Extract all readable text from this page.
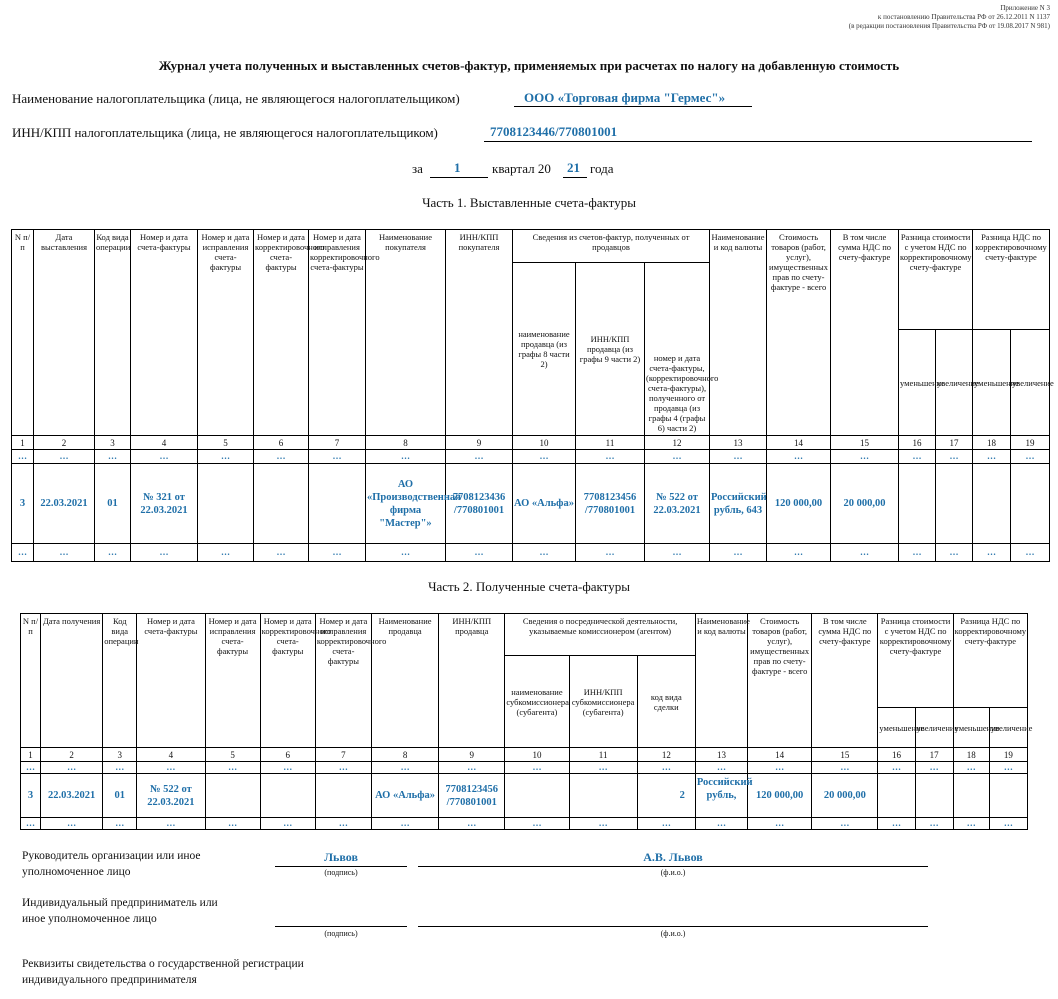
Приложение N 3
к постановлению Правительства РФ от 26.12.2011 N 1137
(в редакции постановления Правительства РФ от 19.08.2017 N 981)
Журнал учета полученных и выставленных счетов-фактур, применяемых при расчетах по налогу на добавленную стоимость
Наименование налогоплательщика (лица, не являющегося налогоплательщиком)	ООО «Торговая фирма "Гермес"»
ИНН/КПП налогоплательщика (лица, не являющегося налогоплательщиком)	7708123446/770801001
за 1 квартал 20 21 года
Часть 1. Выставленные счета-фактуры
N п/п	Дата выставления	Код вида операции	Номер и дата счета-фактуры	Номер и дата исправления счета-фактуры	Номер и дата корректировочного счета-фактуры	Номер и дата исправления корректировочного счета-фактуры	Наименование покупателя	ИНН/КПП покупателя	Сведения из счетов-фактур, полученных от продавцов			Наименование и код валюты	Стоимость товаров (работ, услуг), имущественных прав по счету-фактуре - всего	В том числе сумма НДС по счету-фактуре	Разница стоимости с учетом НДС по корректировочному счету-фактуре		Разница НДС по корректировочному счету-фактуре	
									наименование продавца (из графы 8 части 2)	ИНН/КПП продавца (из графы 9 части 2)	номер и дата счета-фактуры, (корректировочного счета-фактуры), полученного от продавца (из графы 4 (графы 6) части 2)							
															уменьшение	увеличение	уменьшение	увеличение
1	2	3	4	5	6	7	8	9	10	11	12	13	14	15	16	17	18	19
…	…	…	…	…	…	…	…	…	…	…	…	…	…	…	…	…	…	…
3	22.03.2021	01	№ 321 от 22.03.2021				АО «Производственная фирма "Мастер"»	7708123436 /770801001	АО «Альфа»	7708123456 /770801001	№ 522 от 22.03.2021	Российский рубль, 643	120 000,00	20 000,00				
…	…	…	…	…	…	…	…	…	…	…	…	…	…	…	…	…	…	…
Часть 2. Полученные счета-фактуры
N п/п	Дата получения	Код вида операции	Номер и дата счета-фактуры	Номер и дата исправления счета-фактуры	Номер и дата корректировочного счета-фактуры	Номер и дата исправления корректировочного счета-фактуры	Наименование продавца	ИНН/КПП продавца	Сведения о посреднической деятельности, указываемые комиссионером (агентом)			Наименование и код валюты	Стоимость товаров (работ, услуг), имущественных прав по счету-фактуре - всего	В том числе сумма НДС по счету-фактуре	Разница стоимости с учетом НДС по корректировочному счету-фактуре		Разница НДС по корректировочному счету-фактуре	
									наименование субкомиссионера (субагента)	ИНН/КПП субкомиссионера (субагента)	код вида сделки							
															уменьшение	увеличение	уменьшение	увеличение
1	2	3	4	5	6	7	8	9	10	11	12	13	14	15	16	17	18	19
…	…	…	…	…	…	…	…	…	…	…	…	…	…	…	…	…	…	…
3	22.03.2021	01	№ 522 от 22.03.2021				АО «Альфа»	7708123456 /770801001			2	Российский рубль,	120 000,00	20 000,00				
…	…	…	…	…	…	…	…	…	…	…	…	…	…	…	…	…	…	…
Руководитель организации или иное уполномоченное лицо
Львов
(подпись)
А.В. Львов
(ф.и.о.)
Индивидуальный предприниматель или иное уполномоченное лицо
(подпись)	(ф.и.о.)
Реквизиты свидетельства о государственной регистрации индивидуального предпринимателя
